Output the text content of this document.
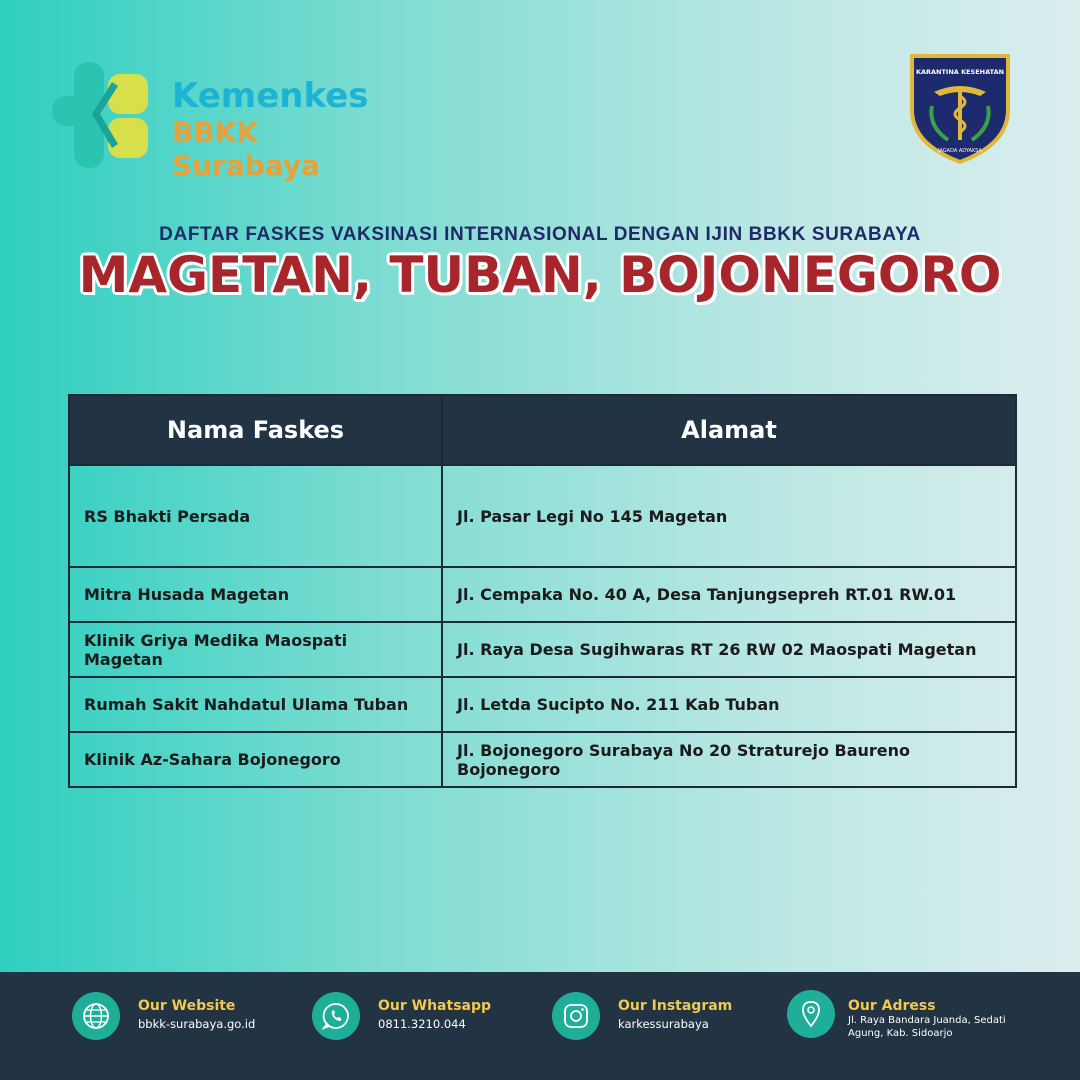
Kemenkes
BBKK Surabaya
KARANTINA KESEHATAN
JAGADA ADYAKSA
DAFTAR FASKES VAKSINASI INTERNASIONAL DENGAN IJIN BBKK SURABAYA
MAGETAN, TUBAN, BOJONEGORO
Nama Faskes	Alamat
RS Bhakti Persada	Jl. Pasar Legi No 145 Magetan
Mitra Husada Magetan	Jl. Cempaka No. 40 A, Desa Tanjungsepreh RT.01 RW.01
Klinik Griya Medika Maospati Magetan	Jl. Raya Desa Sugihwaras RT 26 RW 02 Maospati Magetan
Rumah Sakit Nahdatul Ulama Tuban	Jl. Letda Sucipto No. 211 Kab Tuban
Klinik Az-Sahara Bojonegoro	Jl. Bojonegoro Surabaya No 20 Straturejo Baureno Bojonegoro
Our Website
bbkk-surabaya.go.id
Our Whatsapp
0811.3210.044
Our Instagram
karkessurabaya
Our Adress
Jl. Raya Bandara Juanda, Sedati Agung, Kab. Sidoarjo
